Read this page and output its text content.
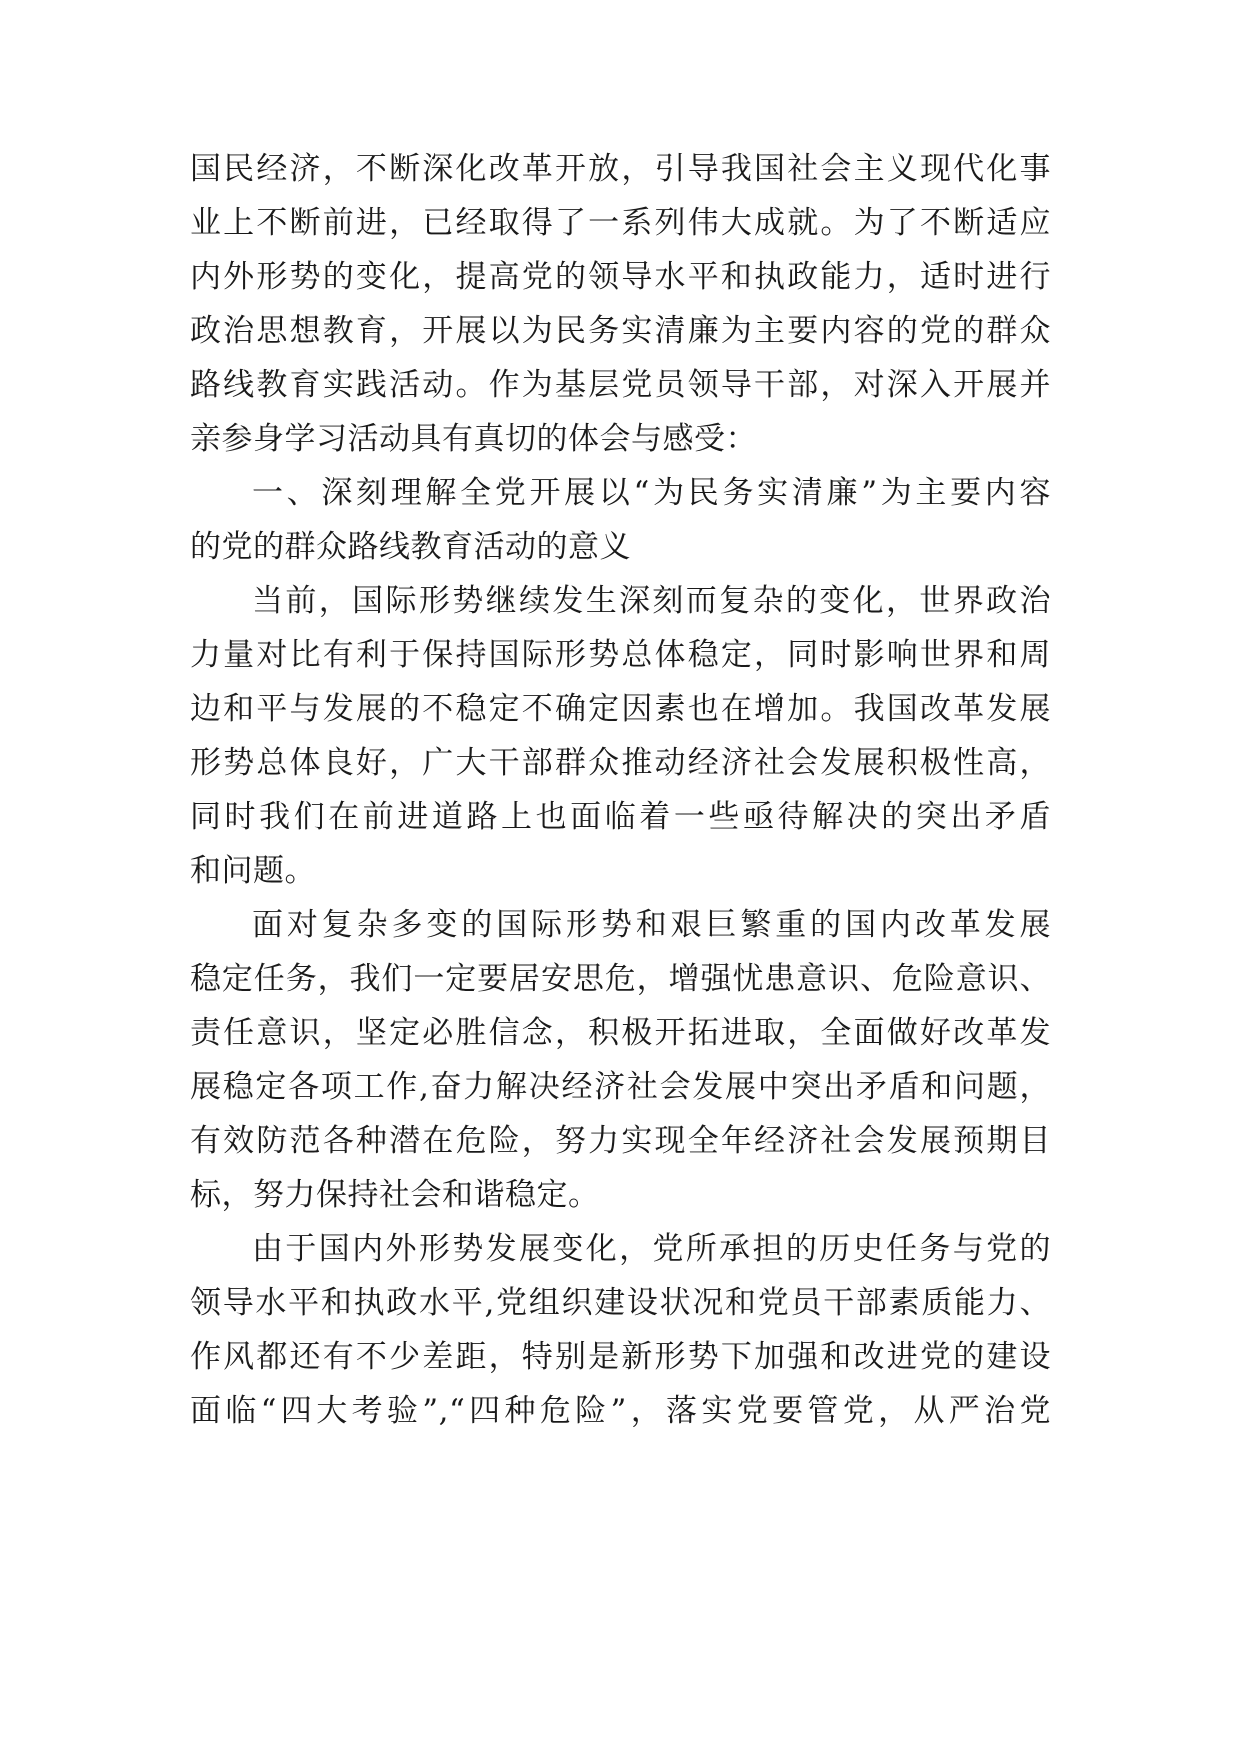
国民经济，不断深化改革开放，引导我国社会主义现代化事
业上不断前进，已经取得了一系列伟大成就。为了不断适应
内外形势的变化，提高党的领导水平和执政能力，适时进行
政治思想教育，开展以为民务实清廉为主要内容的党的群众
路线教育实践活动。作为基层党员领导干部，对深入开展并
亲参身学习活动具有真切的体会与感受：
一、深刻理解全党开展以“为民务实清廉”为主要内容
的党的群众路线教育活动的意义
当前，国际形势继续发生深刻而复杂的变化，世界政治
力量对比有利于保持国际形势总体稳定，同时影响世界和周
边和平与发展的不稳定不确定因素也在增加。我国改革发展
形势总体良好，广大干部群众推动经济社会发展积极性高，
同时我们在前进道路上也面临着一些亟待解决的突出矛盾
和问题。
面对复杂多变的国际形势和艰巨繁重的国内改革发展
稳定任务，我们一定要居安思危，增强忧患意识、危险意识、
责任意识，坚定必胜信念，积极开拓进取，全面做好改革发
展稳定各项工作,奋力解决经济社会发展中突出矛盾和问题，
有效防范各种潜在危险，努力实现全年经济社会发展预期目
标，努力保持社会和谐稳定。
由于国内外形势发展变化，党所承担的历史任务与党的
领导水平和执政水平,党组织建设状况和党员干部素质能力、
作风都还有不少差距，特别是新形势下加强和改进党的建设
面临“四大考验”,“四种危险”，落实党要管党，从严治党
